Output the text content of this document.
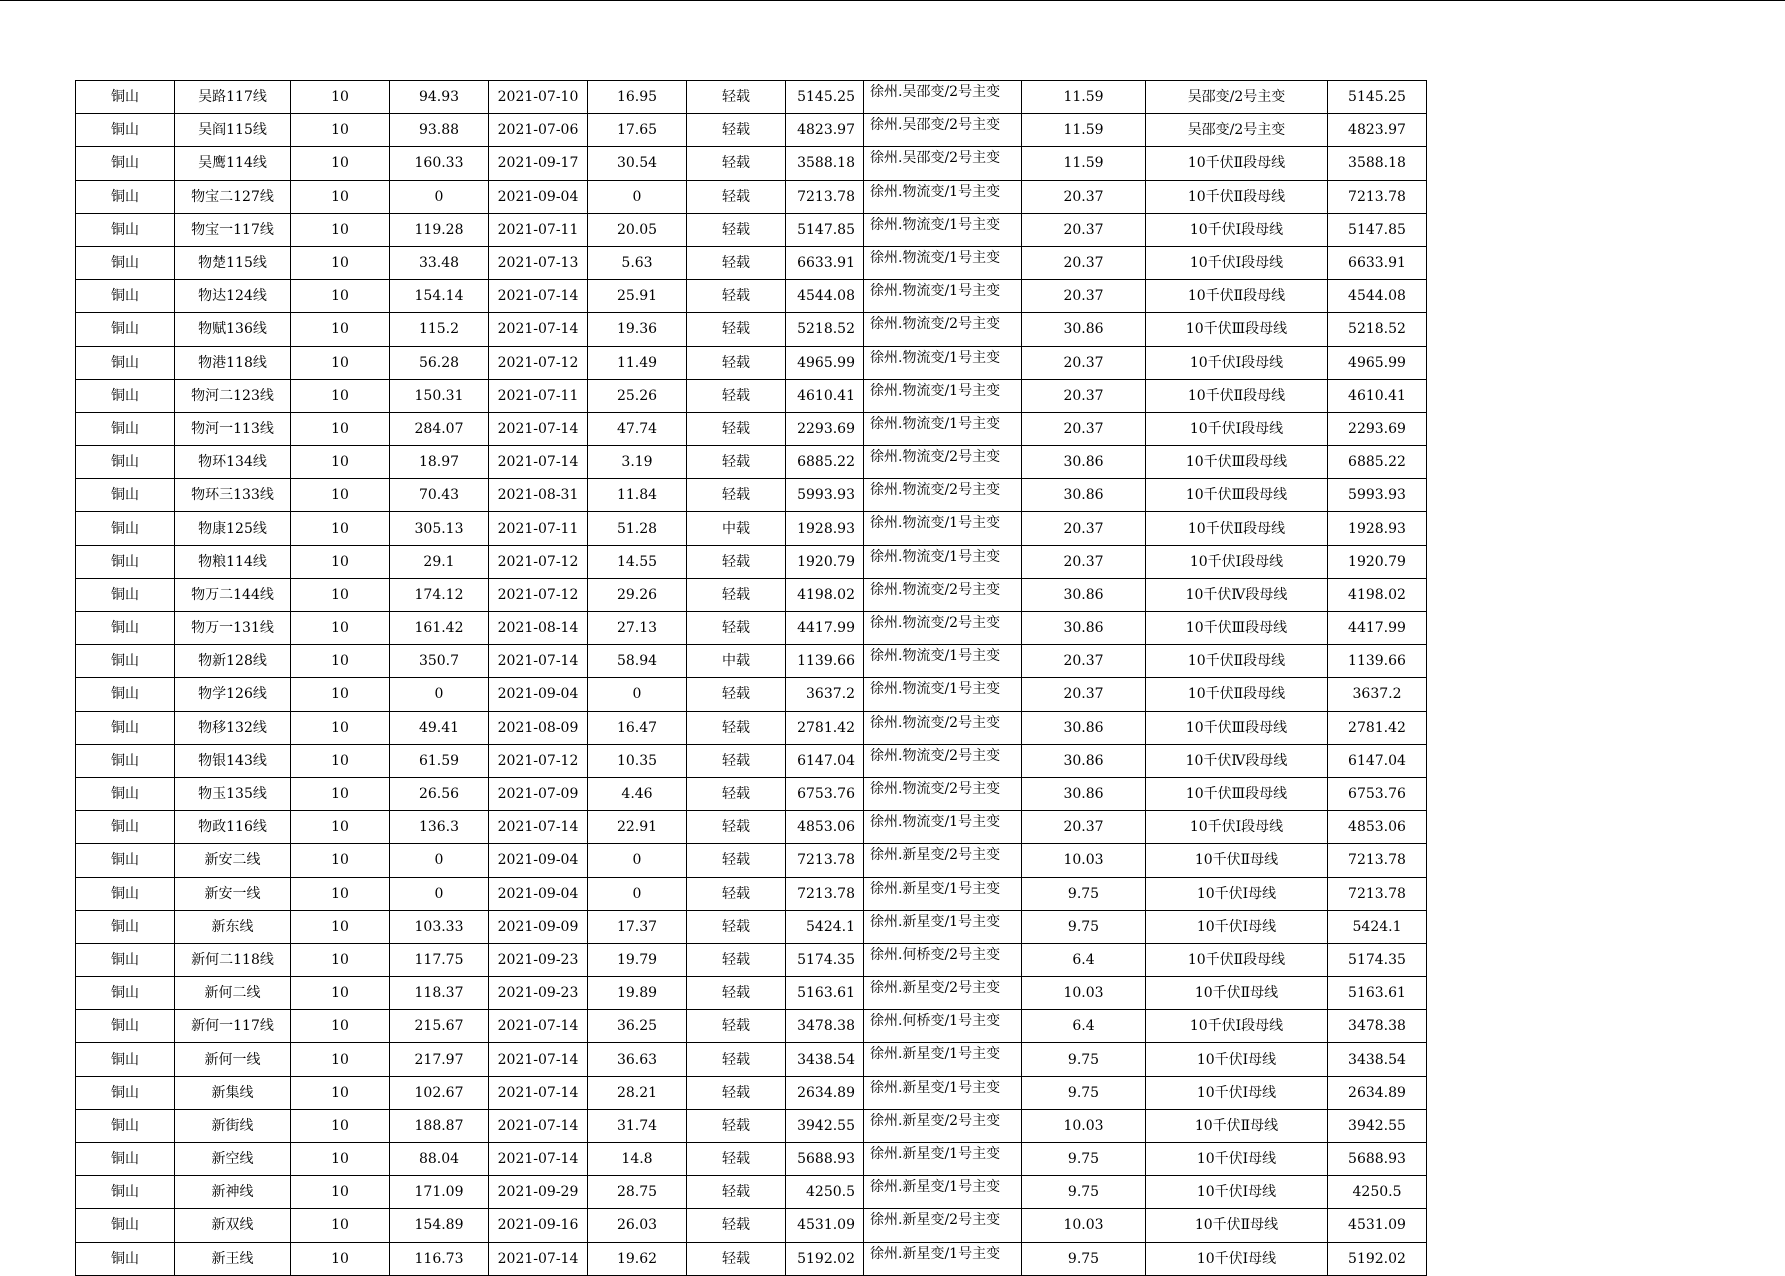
铜山	吴路117线	10	94.93	2021-07-10	16.95	轻载	5145.25	徐州.吴邵变/2号主变	11.59	吴邵变/2号主变	5145.25
铜山	吴阎115线	10	93.88	2021-07-06	17.65	轻载	4823.97	徐州.吴邵变/2号主变	11.59	吴邵变/2号主变	4823.97
铜山	吴鹰114线	10	160.33	2021-09-17	30.54	轻载	3588.18	徐州.吴邵变/2号主变	11.59	10千伏Ⅱ段母线	3588.18
铜山	物宝二127线	10	0	2021-09-04	0	轻载	7213.78	徐州.物流变/1号主变	20.37	10千伏Ⅱ段母线	7213.78
铜山	物宝一117线	10	119.28	2021-07-11	20.05	轻载	5147.85	徐州.物流变/1号主变	20.37	10千伏Ⅰ段母线	5147.85
铜山	物楚115线	10	33.48	2021-07-13	5.63	轻载	6633.91	徐州.物流变/1号主变	20.37	10千伏Ⅰ段母线	6633.91
铜山	物达124线	10	154.14	2021-07-14	25.91	轻载	4544.08	徐州.物流变/1号主变	20.37	10千伏Ⅱ段母线	4544.08
铜山	物赋136线	10	115.2	2021-07-14	19.36	轻载	5218.52	徐州.物流变/2号主变	30.86	10千伏Ⅲ段母线	5218.52
铜山	物港118线	10	56.28	2021-07-12	11.49	轻载	4965.99	徐州.物流变/1号主变	20.37	10千伏Ⅰ段母线	4965.99
铜山	物河二123线	10	150.31	2021-07-11	25.26	轻载	4610.41	徐州.物流变/1号主变	20.37	10千伏Ⅱ段母线	4610.41
铜山	物河一113线	10	284.07	2021-07-14	47.74	轻载	2293.69	徐州.物流变/1号主变	20.37	10千伏Ⅰ段母线	2293.69
铜山	物环134线	10	18.97	2021-07-14	3.19	轻载	6885.22	徐州.物流变/2号主变	30.86	10千伏Ⅲ段母线	6885.22
铜山	物环三133线	10	70.43	2021-08-31	11.84	轻载	5993.93	徐州.物流变/2号主变	30.86	10千伏Ⅲ段母线	5993.93
铜山	物康125线	10	305.13	2021-07-11	51.28	中载	1928.93	徐州.物流变/1号主变	20.37	10千伏Ⅱ段母线	1928.93
铜山	物粮114线	10	29.1	2021-07-12	14.55	轻载	1920.79	徐州.物流变/1号主变	20.37	10千伏Ⅰ段母线	1920.79
铜山	物万二144线	10	174.12	2021-07-12	29.26	轻载	4198.02	徐州.物流变/2号主变	30.86	10千伏Ⅳ段母线	4198.02
铜山	物万一131线	10	161.42	2021-08-14	27.13	轻载	4417.99	徐州.物流变/2号主变	30.86	10千伏Ⅲ段母线	4417.99
铜山	物新128线	10	350.7	2021-07-14	58.94	中载	1139.66	徐州.物流变/1号主变	20.37	10千伏Ⅱ段母线	1139.66
铜山	物学126线	10	0	2021-09-04	0	轻载	3637.2	徐州.物流变/1号主变	20.37	10千伏Ⅱ段母线	3637.2
铜山	物移132线	10	49.41	2021-08-09	16.47	轻载	2781.42	徐州.物流变/2号主变	30.86	10千伏Ⅲ段母线	2781.42
铜山	物银143线	10	61.59	2021-07-12	10.35	轻载	6147.04	徐州.物流变/2号主变	30.86	10千伏Ⅳ段母线	6147.04
铜山	物玉135线	10	26.56	2021-07-09	4.46	轻载	6753.76	徐州.物流变/2号主变	30.86	10千伏Ⅲ段母线	6753.76
铜山	物政116线	10	136.3	2021-07-14	22.91	轻载	4853.06	徐州.物流变/1号主变	20.37	10千伏Ⅰ段母线	4853.06
铜山	新安二线	10	0	2021-09-04	0	轻载	7213.78	徐州.新星变/2号主变	10.03	10千伏Ⅱ母线	7213.78
铜山	新安一线	10	0	2021-09-04	0	轻载	7213.78	徐州.新星变/1号主变	9.75	10千伏Ⅰ母线	7213.78
铜山	新东线	10	103.33	2021-09-09	17.37	轻载	5424.1	徐州.新星变/1号主变	9.75	10千伏Ⅰ母线	5424.1
铜山	新何二118线	10	117.75	2021-09-23	19.79	轻载	5174.35	徐州.何桥变/2号主变	6.4	10千伏Ⅱ段母线	5174.35
铜山	新何二线	10	118.37	2021-09-23	19.89	轻载	5163.61	徐州.新星变/2号主变	10.03	10千伏Ⅱ母线	5163.61
铜山	新何一117线	10	215.67	2021-07-14	36.25	轻载	3478.38	徐州.何桥变/1号主变	6.4	10千伏Ⅰ段母线	3478.38
铜山	新何一线	10	217.97	2021-07-14	36.63	轻载	3438.54	徐州.新星变/1号主变	9.75	10千伏Ⅰ母线	3438.54
铜山	新集线	10	102.67	2021-07-14	28.21	轻载	2634.89	徐州.新星变/1号主变	9.75	10千伏Ⅰ母线	2634.89
铜山	新街线	10	188.87	2021-07-14	31.74	轻载	3942.55	徐州.新星变/2号主变	10.03	10千伏Ⅱ母线	3942.55
铜山	新空线	10	88.04	2021-07-14	14.8	轻载	5688.93	徐州.新星变/1号主变	9.75	10千伏Ⅰ母线	5688.93
铜山	新神线	10	171.09	2021-09-29	28.75	轻载	4250.5	徐州.新星变/1号主变	9.75	10千伏Ⅰ母线	4250.5
铜山	新双线	10	154.89	2021-09-16	26.03	轻载	4531.09	徐州.新星变/2号主变	10.03	10千伏Ⅱ母线	4531.09
铜山	新王线	10	116.73	2021-07-14	19.62	轻载	5192.02	徐州.新星变/1号主变	9.75	10千伏Ⅰ母线	5192.02
